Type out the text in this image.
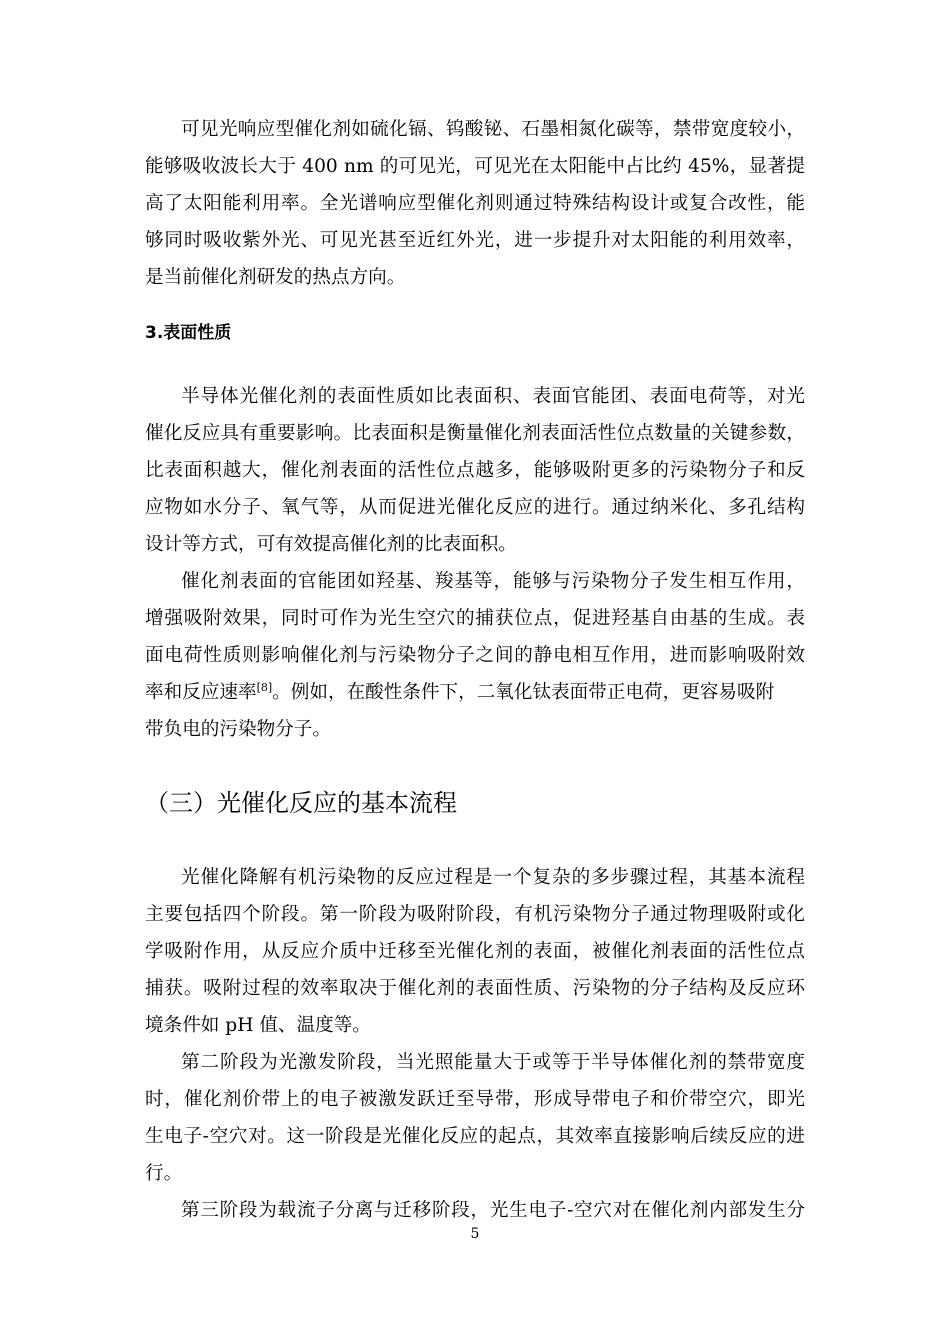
可见光响应型催化剂如硫化镉、钨酸铋、石墨相氮化碳等，禁带宽度较小，
能够吸收波长大于 400 nm 的可见光，可见光在太阳能中占比约 45%，显著提
高了太阳能利用率。全光谱响应型催化剂则通过特殊结构设计或复合改性，能
够同时吸收紫外光、可见光甚至近红外光，进一步提升对太阳能的利用效率，
是当前催化剂研发的热点方向。
3.表面性质
半导体光催化剂的表面性质如比表面积、表面官能团、表面电荷等，对光
催化反应具有重要影响。比表面积是衡量催化剂表面活性位点数量的关键参数，
比表面积越大，催化剂表面的活性位点越多，能够吸附更多的污染物分子和反
应物如水分子、氧气等，从而促进光催化反应的进行。通过纳米化、多孔结构
设计等方式，可有效提高催化剂的比表面积。
催化剂表面的官能团如羟基、羧基等，能够与污染物分子发生相互作用，
增强吸附效果，同时可作为光生空穴的捕获位点，促进羟基自由基的生成。表
面电荷性质则影响催化剂与污染物分子之间的静电相互作用，进而影响吸附效
率和反应速率[8]。例如，在酸性条件下，二氧化钛表面带正电荷，更容易吸附
带负电的污染物分子。
（三）光催化反应的基本流程
光催化降解有机污染物的反应过程是一个复杂的多步骤过程，其基本流程
主要包括四个阶段。第一阶段为吸附阶段，有机污染物分子通过物理吸附或化
学吸附作用，从反应介质中迁移至光催化剂的表面，被催化剂表面的活性位点
捕获。吸附过程的效率取决于催化剂的表面性质、污染物的分子结构及反应环
境条件如 pH 值、温度等。
第二阶段为光激发阶段，当光照能量大于或等于半导体催化剂的禁带宽度
时，催化剂价带上的电子被激发跃迁至导带，形成导带电子和价带空穴，即光
生电子-空穴对。这一阶段是光催化反应的起点，其效率直接影响后续反应的进
行。
第三阶段为载流子分离与迁移阶段，光生电子-空穴对在催化剂内部发生分
5
